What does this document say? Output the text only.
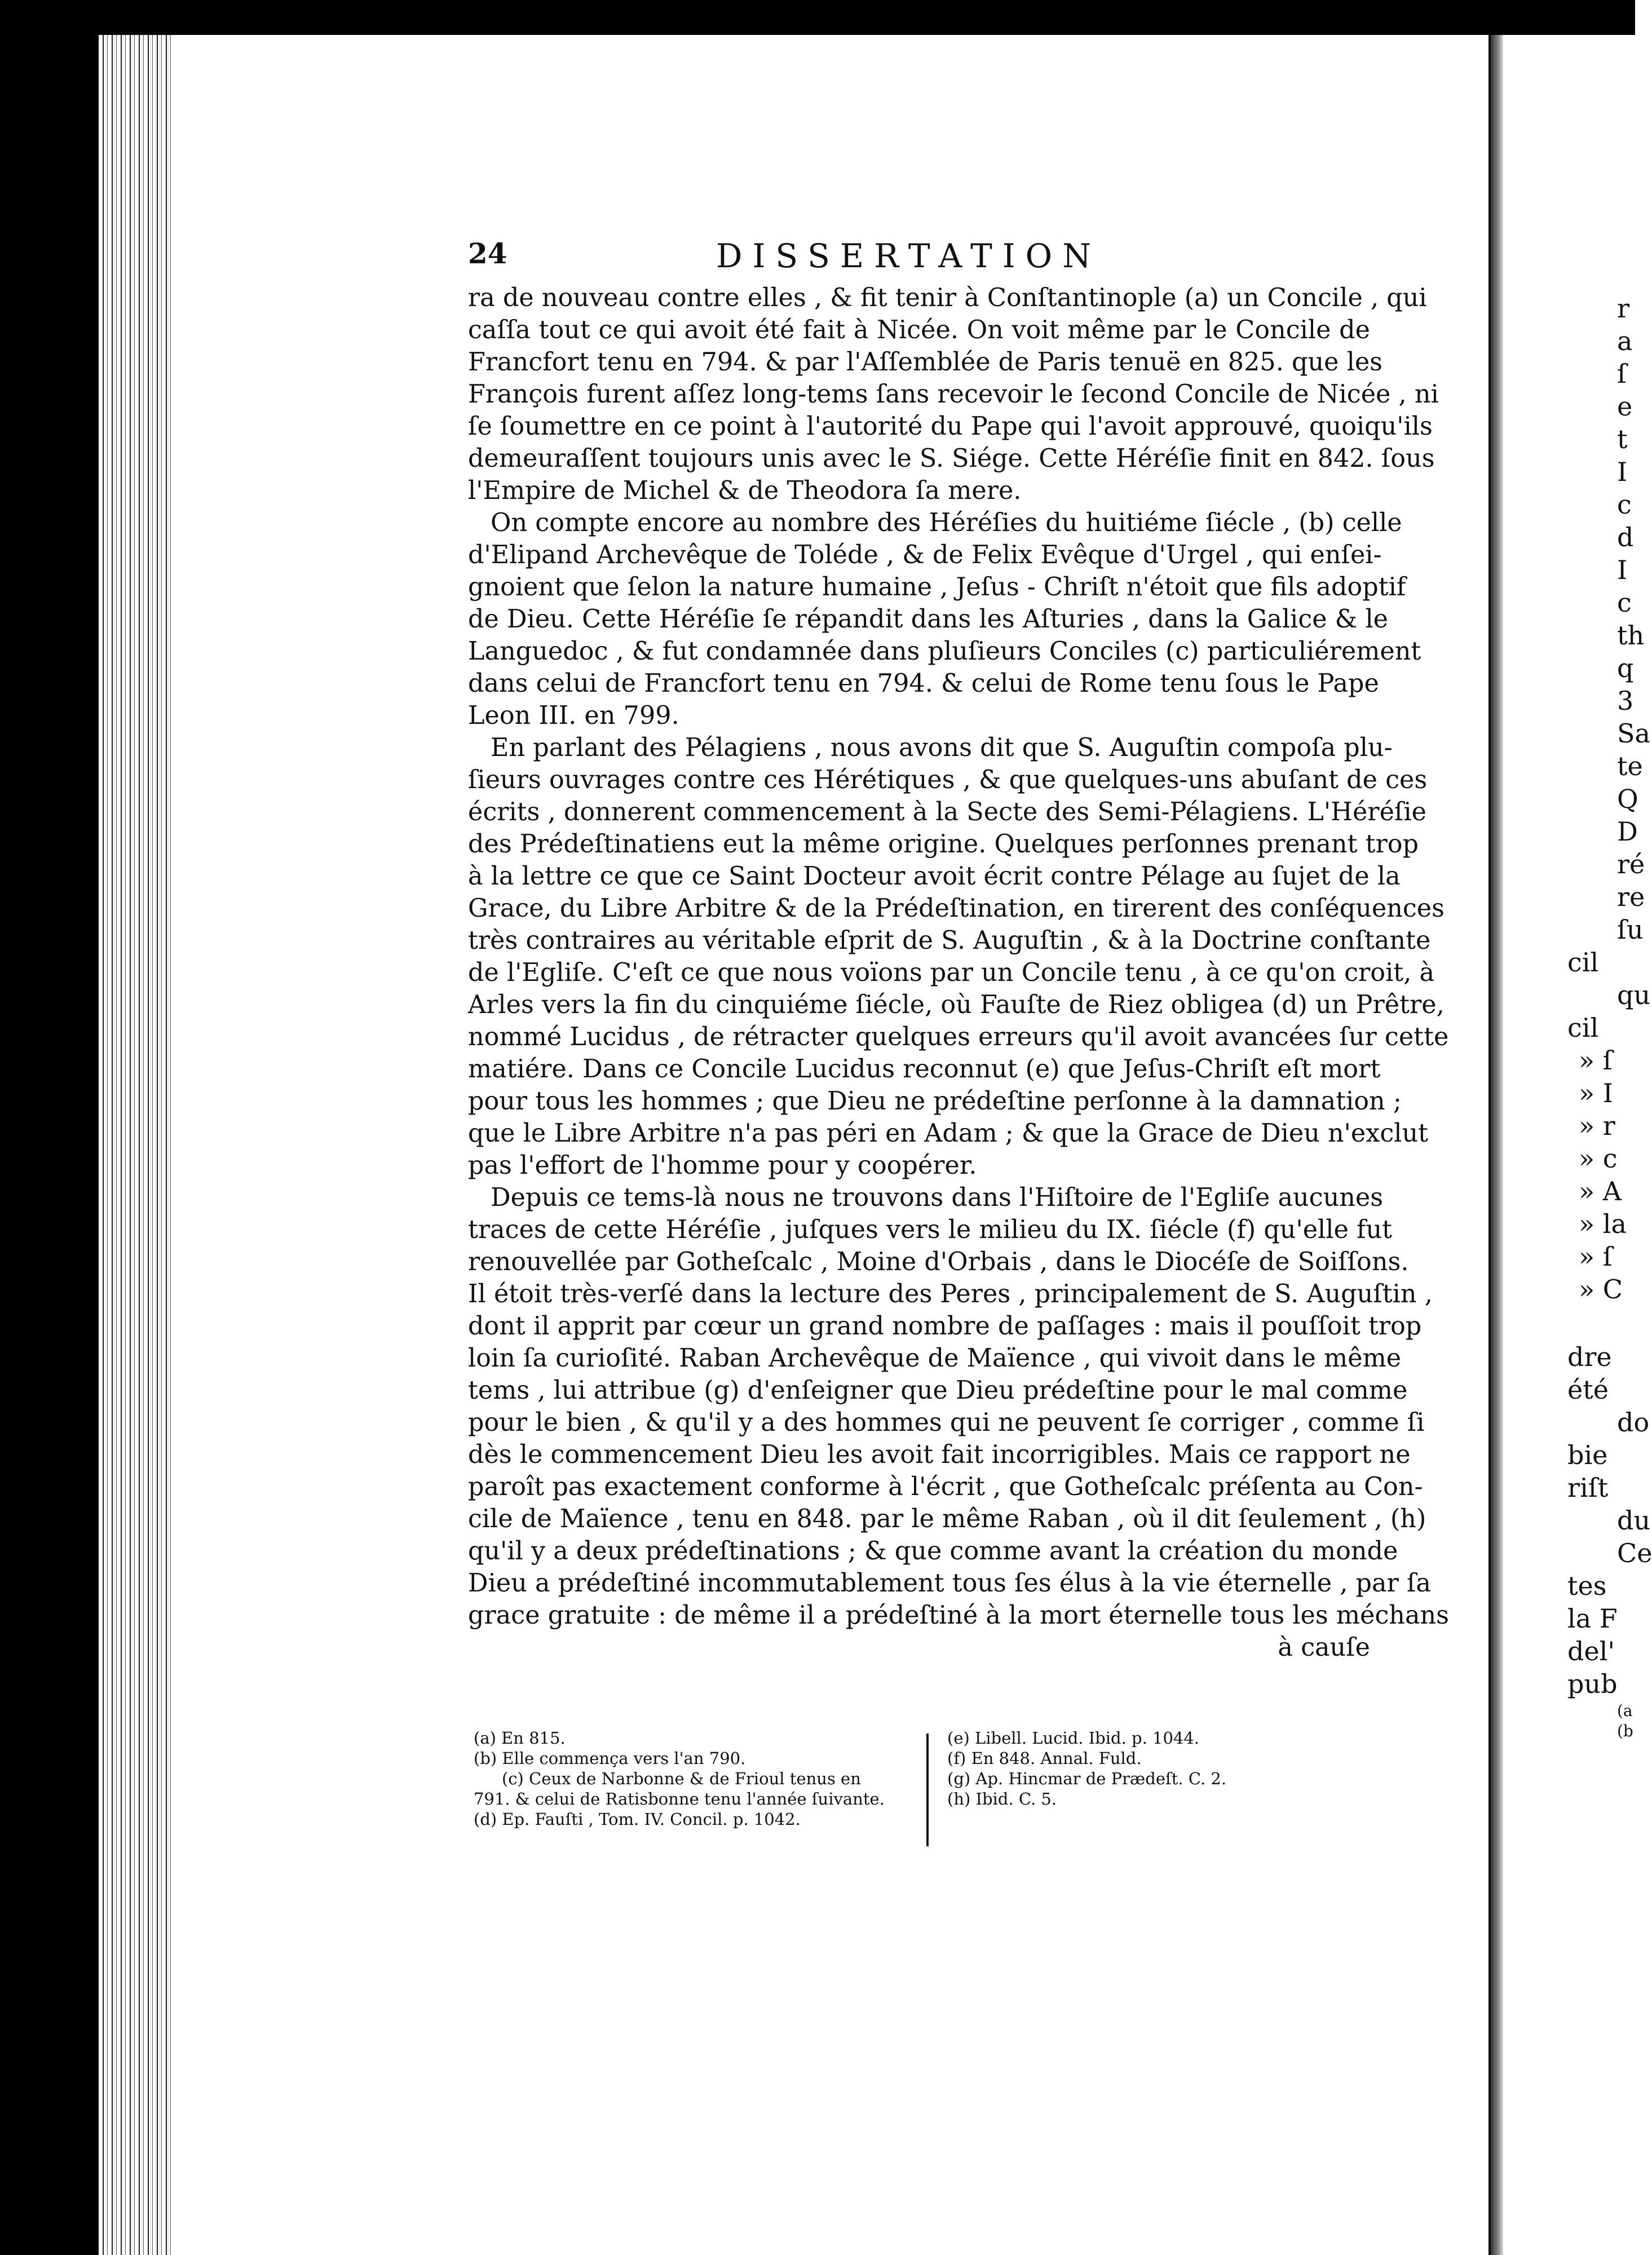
r
a
ſ
e
t
I
c
d
I
c
th
q
3
Sa
te
Q
D
ré
re
ſu
cil
qu
cil
» ſ
» I
» r
» c
» A
» la
» ſ
» C
dre
été
do
bie
riſt
du
Ce
tes
la F
del'
pub
(a
(b
24	DISSERTATION
ra de nouveau contre elles , & fit tenir à Conſtantinople (a) un Concile , qui
caſſa tout ce qui avoit été fait à Nicée. On voit même par le Concile de
Francfort tenu en 794. & par l'Aſſemblée de Paris tenuë en 825. que les
François furent aſſez long-tems ſans recevoir le ſecond Concile de Nicée , ni
ſe ſoumettre en ce point à l'autorité du Pape qui l'avoit approuvé, quoiqu'ils
demeuraſſent toujours unis avec le S. Siége. Cette Héréſie finit en 842. ſous
l'Empire de Michel & de Theodora ſa mere.
On compte encore au nombre des Héréſies du huitiéme ſiécle , (b) celle
d'Elipand Archevêque de Toléde , & de Felix Evêque d'Urgel , qui enſei-
gnoient que ſelon la nature humaine , Jeſus - Chriſt n'étoit que fils adoptif
de Dieu. Cette Héréſie ſe répandit dans les Aſturies , dans la Galice & le
Languedoc , & fut condamnée dans pluſieurs Conciles (c) particuliérement
dans celui de Francfort tenu en 794. & celui de Rome tenu ſous le Pape
Leon III. en 799.
En parlant des Pélagiens , nous avons dit que S. Auguſtin compoſa plu-
ſieurs ouvrages contre ces Hérétiques , & que quelques-uns abuſant de ces
écrits , donnerent commencement à la Secte des Semi-Pélagiens. L'Héréſie
des Prédeſtinatiens eut la même origine. Quelques perſonnes prenant trop
à la lettre ce que ce Saint Docteur avoit écrit contre Pélage au ſujet de la
Grace, du Libre Arbitre & de la Prédeſtination, en tirerent des conſéquences
très contraires au véritable eſprit de S. Auguſtin , & à la Doctrine conſtante
de l'Egliſe. C'eſt ce que nous voïons par un Concile tenu , à ce qu'on croit, à
Arles vers la fin du cinquiéme ſiécle, où Fauſte de Riez obligea (d) un Prêtre,
nommé Lucidus , de rétracter quelques erreurs qu'il avoit avancées ſur cette
matiére. Dans ce Concile Lucidus reconnut (e) que Jeſus-Chriſt eſt mort
pour tous les hommes ; que Dieu ne prédeſtine perſonne à la damnation ;
que le Libre Arbitre n'a pas péri en Adam ; & que la Grace de Dieu n'exclut
pas l'effort de l'homme pour y coopérer.
Depuis ce tems-là nous ne trouvons dans l'Hiſtoire de l'Egliſe aucunes
traces de cette Héréſie , juſques vers le milieu du IX. ſiécle (f) qu'elle fut
renouvellée par Gotheſcalc , Moine d'Orbais , dans le Diocéſe de Soiſſons.
Il étoit très-verſé dans la lecture des Peres , principalement de S. Auguſtin ,
dont il apprit par cœur un grand nombre de paſſages : mais il pouſſoit trop
loin ſa curioſité. Raban Archevêque de Maïence , qui vivoit dans le même
tems , lui attribue (g) d'enſeigner que Dieu prédeſtine pour le mal comme
pour le bien , & qu'il y a des hommes qui ne peuvent ſe corriger , comme ſi
dès le commencement Dieu les avoit fait incorrigibles. Mais ce rapport ne
paroît pas exactement conforme à l'écrit , que Gotheſcalc préſenta au Con-
cile de Maïence , tenu en 848. par le même Raban , où il dit ſeulement , (h)
qu'il y a deux prédeſtinations ; & que comme avant la création du monde
Dieu a prédeſtiné incommutablement tous ſes élus à la vie éternelle , par ſa
grace gratuite : de même il a prédeſtiné à la mort éternelle tous les méchans
à cauſe
(a) En 815.
(b) Elle commença vers l'an 790.
(c) Ceux de Narbonne & de Frioul tenus en
791. & celui de Ratisbonne tenu l'année ſuivante.
(d) Ep. Fauſti , Tom. IV. Concil. p. 1042.
(e) Libell. Lucid. Ibid. p. 1044.
(f) En 848. Annal. Fuld.
(g) Ap. Hincmar de Prædeſt. C. 2.
(h) Ibid. C. 5.
